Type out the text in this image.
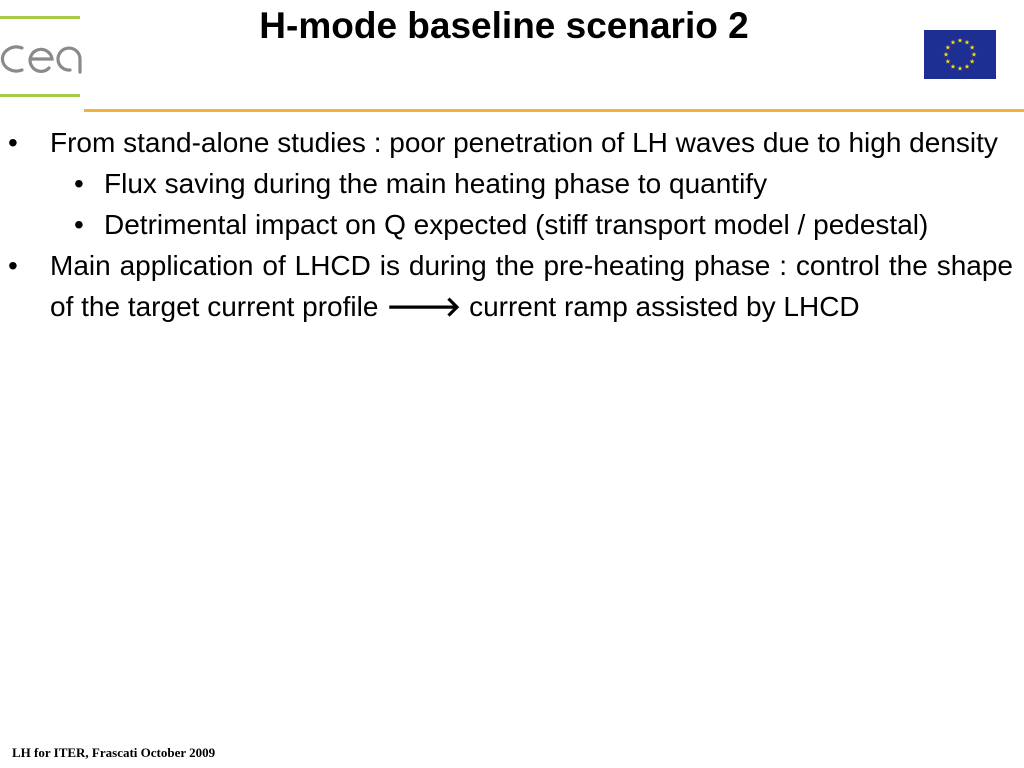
H-mode baseline scenario 2
• From stand-alone studies : poor penetration of LH waves due to high density
• Flux saving during the main heating phase to quantify
• Detrimental impact on Q expected (stiff transport model / pedestal)
• Main application of LHCD is during the pre-heating phase : control the shape of the target current profile 🡒 current ramp assisted by LHCD
LH for ITER, Frascati October 2009
